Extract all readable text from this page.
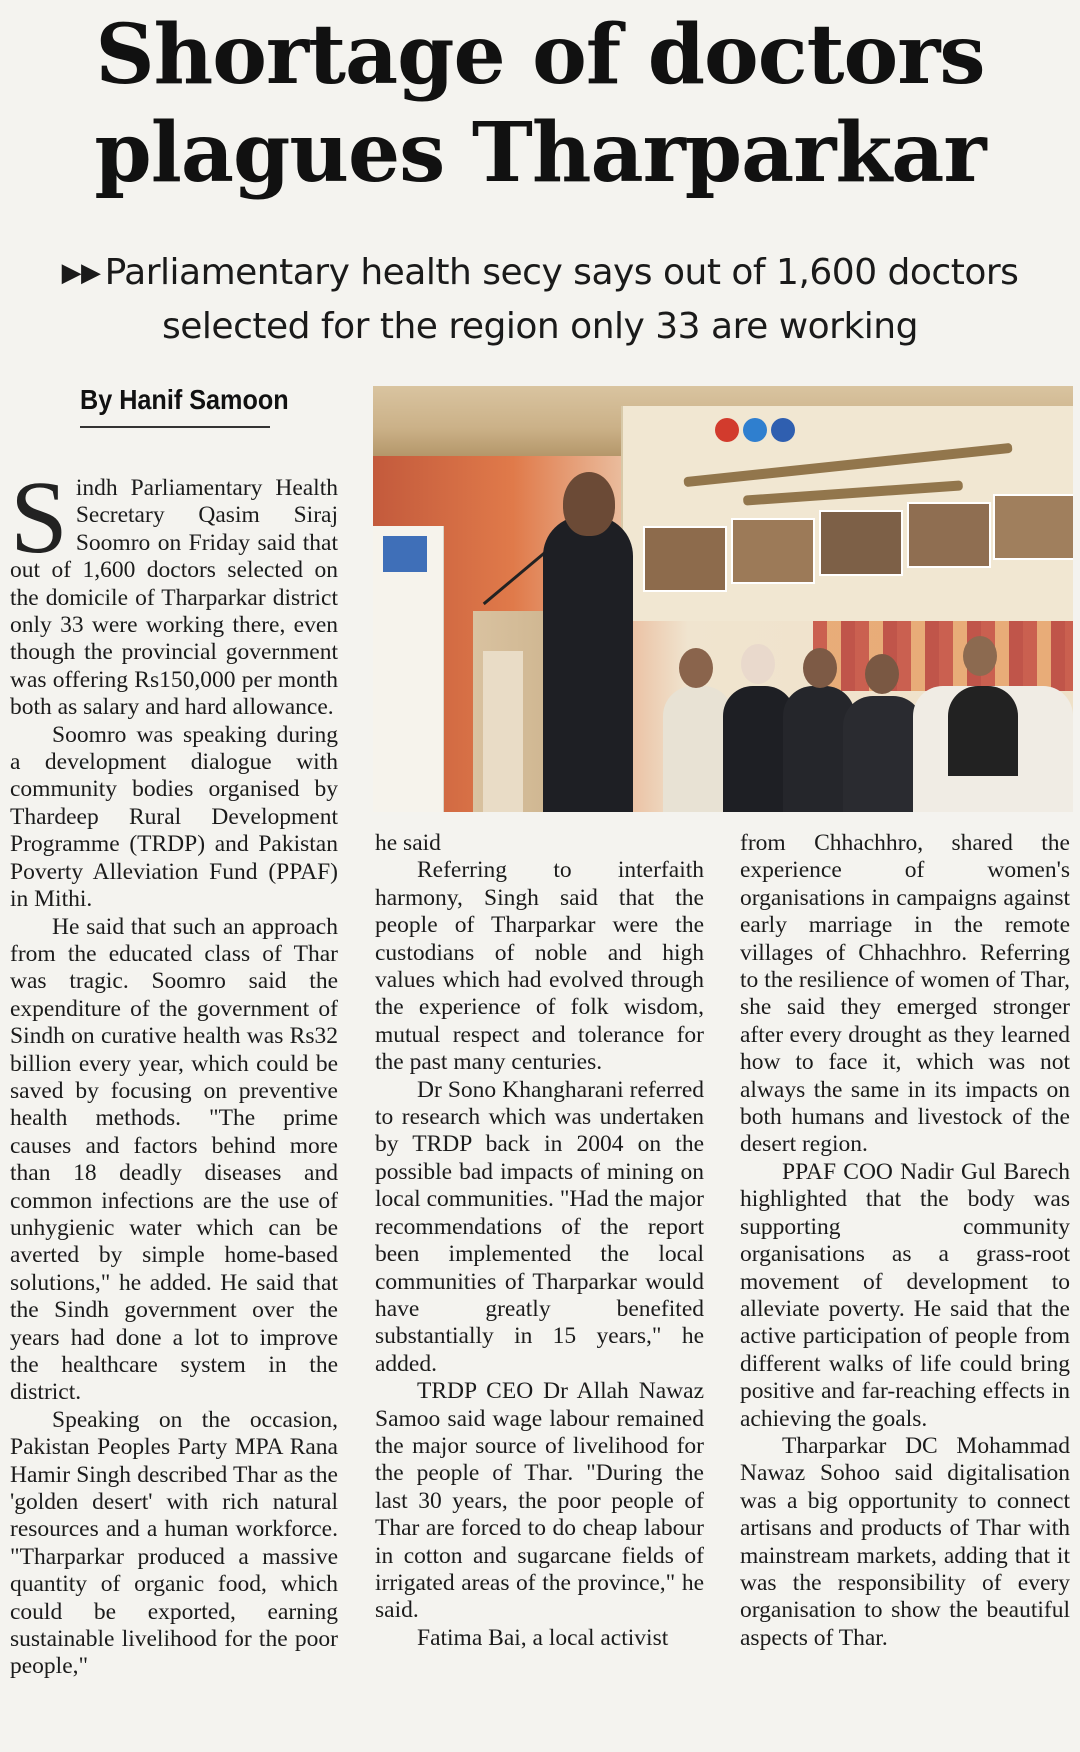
Shortage of doctors
plagues Tharparkar
▶▶ Parliamentary health secy says out of 1,600 doctors selected for the region only 33 are working
By Hanif Samoon

Sindh Parliamentary Health Secretary Qasim Siraj Soomro on Friday said that out of 1,600 doctors selected on the domicile of Tharparkar district only 33 were working there, even though the provincial government was offering Rs150,000 per month both as salary and hard allowance.

Soomro was speaking during a development dialogue with community bodies organised by Thardeep Rural Development Programme (TRDP) and Pakistan Poverty Alleviation Fund (PPAF) in Mithi.

He said that such an approach from the educated class of Thar was tragic. Soomro said the expenditure of the government of Sindh on curative health was Rs32 billion every year, which could be saved by focusing on preventive health methods. "The prime causes and factors behind more than 18 deadly diseases and common infections are the use of unhygienic water which can be averted by simple home-based solutions," he added. He said that the Sindh government over the years had done a lot to improve the healthcare system in the district.

Speaking on the occasion, Pakistan Peoples Party MPA Rana Hamir Singh described Thar as the 'golden desert' with rich natural resources and a human workforce. "Tharparkar produced a massive quantity of organic food, which could be exported, earning sustainable livelihood for the poor people,"

he said

Referring to interfaith harmony, Singh said that the people of Tharparkar were the custodians of noble and high values which had evolved through the experience of folk wisdom, mutual respect and tolerance for the past many centuries.

Dr Sono Khangharani referred to research which was undertaken by TRDP back in 2004 on the possible bad impacts of mining on local communities. "Had the major recommendations of the report been implemented the local communities of Tharparkar would have greatly benefited substantially in 15 years," he added.

TRDP CEO Dr Allah Nawaz Samoo said wage labour remained the major source of livelihood for the people of Thar. "During the last 30 years, the poor people of Thar are forced to do cheap labour in cotton and sugarcane fields of irrigated areas of the province," he said.

Fatima Bai, a local activist

from Chhachhro, shared the experience of women's organisations in campaigns against early marriage in the remote villages of Chhachhro. Referring to the resilience of women of Thar, she said they emerged stronger after every drought as they learned how to face it, which was not always the same in its impacts on both humans and livestock of the desert region.

PPAF COO Nadir Gul Barech highlighted that the body was supporting community organisations as a grass-root movement of development to alleviate poverty. He said that the active participation of people from different walks of life could bring positive and far-reaching effects in achieving the goals.

Tharparkar DC Mohammad Nawaz Sohoo said digitalisation was a big opportunity to connect artisans and products of Thar with mainstream markets, adding that it was the responsibility of every organisation to show the beautiful aspects of Thar.
